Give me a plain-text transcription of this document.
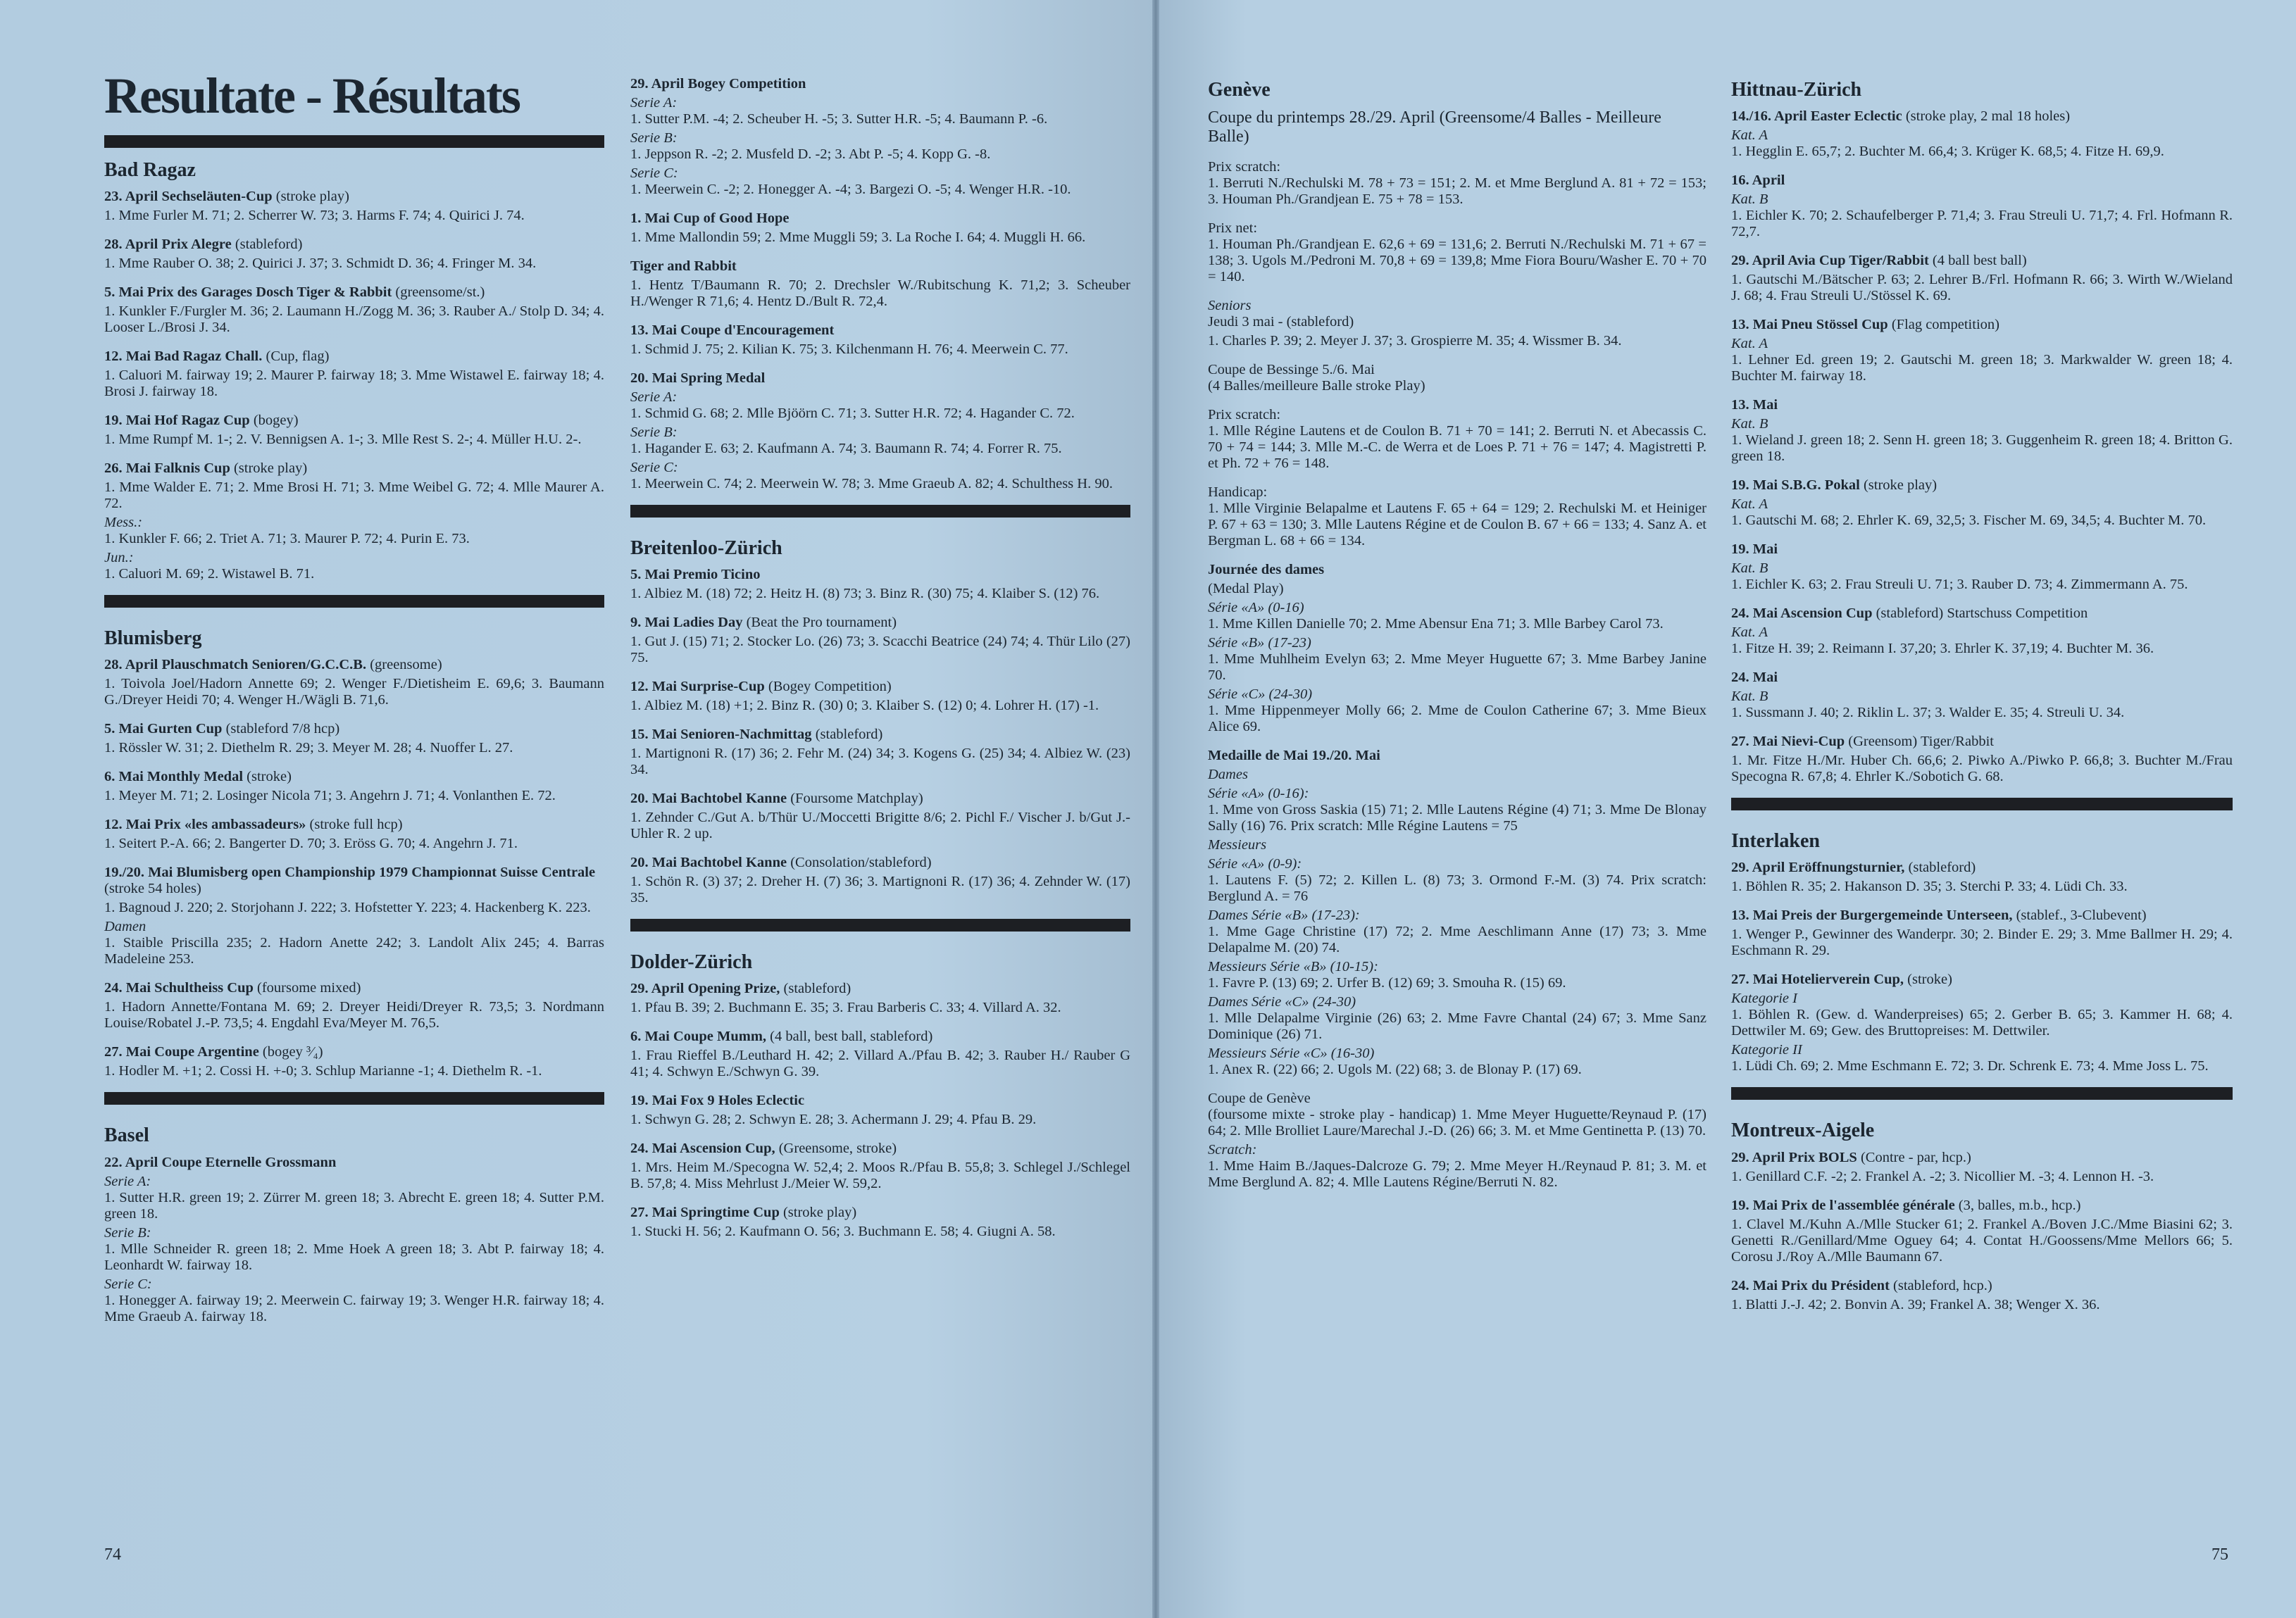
Resultate - Résultats
Bad Ragaz
23. April Sechseläuten-Cup (stroke play)
1. Mme Furler M. 71; 2. Scherrer W. 73; 3. Harms F. 74; 4. Quirici J. 74.
28. April Prix Alegre (stableford)
1. Mme Rauber O. 38; 2. Quirici J. 37; 3. Schmidt D. 36; 4. Fringer M. 34.
5. Mai Prix des Garages Dosch Tiger & Rabbit (greensome/st.)
1. Kunkler F./Furgler M. 36; 2. Laumann H./Zogg M. 36; 3. Rauber A./ Stolp D. 34; 4. Looser L./Brosi J. 34.
12. Mai Bad Ragaz Chall. (Cup, flag)
1. Caluori M. fairway 19; 2. Maurer P. fairway 18; 3. Mme Wistawel E. fairway 18; 4. Brosi J. fairway 18.
19. Mai Hof Ragaz Cup (bogey)
1. Mme Rumpf M. 1-; 2. V. Bennigsen A. 1-; 3. Mlle Rest S. 2-; 4. Müller H.U. 2-.
26. Mai Falknis Cup (stroke play)
1. Mme Walder E. 71; 2. Mme Brosi H. 71; 3. Mme Weibel G. 72; 4. Mlle Maurer A. 72.
Mess.:
1. Kunkler F. 66; 2. Triet A. 71; 3. Maurer P. 72; 4. Purin E. 73.
Jun.:
1. Caluori M. 69; 2. Wistawel B. 71.
Blumisberg
28. April Plauschmatch Senioren/G.C.C.B. (greensome)
1. Toivola Joel/Hadorn Annette 69; 2. Wenger F./Dietisheim E. 69,6; 3. Baumann G./Dreyer Heidi 70; 4. Wenger H./Wägli B. 71,6.
5. Mai Gurten Cup (stableford 7/8 hcp)
1. Rössler W. 31; 2. Diethelm R. 29; 3. Meyer M. 28; 4. Nuoffer L. 27.
6. Mai Monthly Medal (stroke)
1. Meyer M. 71; 2. Losinger Nicola 71; 3. Angehrn J. 71; 4. Vonlanthen E. 72.
12. Mai Prix «les ambassadeurs» (stroke full hcp)
1. Seitert P.-A. 66; 2. Bangerter D. 70; 3. Eröss G. 70; 4. Angehrn J. 71.
19./20. Mai Blumisberg open Championship 1979 Championnat Suisse Centrale (stroke 54 holes)
1. Bagnoud J. 220; 2. Storjohann J. 222; 3. Hofstetter Y. 223; 4. Hackenberg K. 223.
Damen
1. Staible Priscilla 235; 2. Hadorn Anette 242; 3. Landolt Alix 245; 4. Barras Madeleine 253.
24. Mai Schultheiss Cup (foursome mixed)
1. Hadorn Annette/Fontana M. 69; 2. Dreyer Heidi/Dreyer R. 73,5; 3. Nordmann Louise/Robatel J.-P. 73,5; 4. Engdahl Eva/Meyer M. 76,5.
27. Mai Coupe Argentine (bogey ³⁄₄)
1. Hodler M. +1; 2. Cossi H. +-0; 3. Schlup Marianne -1; 4. Diethelm R. -1.
Basel
22. April Coupe Eternelle Grossmann
Serie A:
1. Sutter H.R. green 19; 2. Zürrer M. green 18; 3. Abrecht E. green 18; 4. Sutter P.M. green 18.
Serie B:
1. Mlle Schneider R. green 18; 2. Mme Hoek A green 18; 3. Abt P. fairway 18; 4. Leonhardt W. fairway 18.
Serie C:
1. Honegger A. fairway 19; 2. Meerwein C. fairway 19; 3. Wenger H.R. fairway 18; 4. Mme Graeub A. fairway 18.
29. April Bogey Competition
Serie A:
1. Sutter P.M. -4; 2. Scheuber H. -5; 3. Sutter H.R. -5; 4. Baumann P. -6.
Serie B:
1. Jeppson R. -2; 2. Musfeld D. -2; 3. Abt P. -5; 4. Kopp G. -8.
Serie C:
1. Meerwein C. -2; 2. Honegger A. -4; 3. Bargezi O. -5; 4. Wenger H.R. -10.
1. Mai Cup of Good Hope
1. Mme Mallondin 59; 2. Mme Muggli 59; 3. La Roche I. 64; 4. Muggli H. 66.
Tiger and Rabbit
1. Hentz T/Baumann R. 70; 2. Drechsler W./Rubitschung K. 71,2; 3. Scheuber H./Wenger R 71,6; 4. Hentz D./Bult R. 72,4.
13. Mai Coupe d'Encouragement
1. Schmid J. 75; 2. Kilian K. 75; 3. Kilchenmann H. 76; 4. Meerwein C. 77.
20. Mai Spring Medal
Serie A:
1. Schmid G. 68; 2. Mlle Bjöörn C. 71; 3. Sutter H.R. 72; 4. Hagander C. 72.
Serie B:
1. Hagander E. 63; 2. Kaufmann A. 74; 3. Baumann R. 74; 4. Forrer R. 75.
Serie C:
1. Meerwein C. 74; 2. Meerwein W. 78; 3. Mme Graeub A. 82; 4. Schulthess H. 90.
Breitenloo-Zürich
5. Mai Premio Ticino
1. Albiez M. (18) 72; 2. Heitz H. (8) 73; 3. Binz R. (30) 75; 4. Klaiber S. (12) 76.
9. Mai Ladies Day (Beat the Pro tournament)
1. Gut J. (15) 71; 2. Stocker Lo. (26) 73; 3. Scacchi Beatrice (24) 74; 4. Thür Lilo (27) 75.
12. Mai Surprise-Cup (Bogey Competition)
1. Albiez M. (18) +1; 2. Binz R. (30) 0; 3. Klaiber S. (12) 0; 4. Lohrer H. (17) -1.
15. Mai Senioren-Nachmittag (stableford)
1. Martignoni R. (17) 36; 2. Fehr M. (24) 34; 3. Kogens G. (25) 34; 4. Albiez W. (23) 34.
20. Mai Bachtobel Kanne (Foursome Matchplay)
1. Zehnder C./Gut A. b/Thür U./Moccetti Brigitte 8/6; 2. Pichl F./ Vischer J. b/Gut J.-Uhler R. 2 up.
20. Mai Bachtobel Kanne (Consolation/stableford)
1. Schön R. (3) 37; 2. Dreher H. (7) 36; 3. Martignoni R. (17) 36; 4. Zehnder W. (17) 35.
Dolder-Zürich
29. April Opening Prize, (stableford)
1. Pfau B. 39; 2. Buchmann E. 35; 3. Frau Barberis C. 33; 4. Villard A. 32.
6. Mai Coupe Mumm, (4 ball, best ball, stableford)
1. Frau Rieffel B./Leuthard H. 42; 2. Villard A./Pfau B. 42; 3. Rauber H./ Rauber G 41; 4. Schwyn E./Schwyn G. 39.
19. Mai Fox 9 Holes Eclectic
1. Schwyn G. 28; 2. Schwyn E. 28; 3. Achermann J. 29; 4. Pfau B. 29.
24. Mai Ascension Cup, (Greensome, stroke)
1. Mrs. Heim M./Specogna W. 52,4; 2. Moos R./Pfau B. 55,8; 3. Schlegel J./Schlegel B. 57,8; 4. Miss Mehrlust J./Meier W. 59,2.
27. Mai Springtime Cup (stroke play)
1. Stucki H. 56; 2. Kaufmann O. 56; 3. Buchmann E. 58; 4. Giugni A. 58.
Genève
Coupe du printemps 28./29. April (Greensome/4 Balles - Meilleure Balle)
Prix scratch:
1. Berruti N./Rechulski M. 78 + 73 = 151; 2. M. et Mme Berglund A. 81 + 72 = 153; 3. Houman Ph./Grandjean E. 75 + 78 = 153.
Prix net:
1. Houman Ph./Grandjean E. 62,6 + 69 = 131,6; 2. Berruti N./Rechulski M. 71 + 67 = 138; 3. Ugols M./Pedroni M. 70,8 + 69 = 139,8; Mme Fiora Bouru/Washer E. 70 + 70 = 140.
Seniors
Jeudi 3 mai - (stableford)
1. Charles P. 39; 2. Meyer J. 37; 3. Grospierre M. 35; 4. Wissmer B. 34.
Coupe de Bessinge 5./6. Mai
(4 Balles/meilleure Balle stroke Play)
Prix scratch:
1. Mlle Régine Lautens et de Coulon B. 71 + 70 = 141; 2. Berruti N. et Abecassis C. 70 + 74 = 144; 3. Mlle M.-C. de Werra et de Loes P. 71 + 76 = 147; 4. Magistretti P. et Ph. 72 + 76 = 148.
Handicap:
1. Mlle Virginie Belapalme et Lautens F. 65 + 64 = 129; 2. Rechulski M. et Heiniger P. 67 + 63 = 130; 3. Mlle Lautens Régine et de Coulon B. 67 + 66 = 133; 4. Sanz A. et Bergman L. 68 + 66 = 134.
Journée des dames
(Medal Play)
Série «A» (0-16)
1. Mme Killen Danielle 70; 2. Mme Abensur Ena 71; 3. Mlle Barbey Carol 73.
Série «B» (17-23)
1. Mme Muhlheim Evelyn 63; 2. Mme Meyer Huguette 67; 3. Mme Barbey Janine 70.
Série «C» (24-30)
1. Mme Hippenmeyer Molly 66; 2. Mme de Coulon Catherine 67; 3. Mme Bieux Alice 69.
Medaille de Mai 19./20. Mai
Dames
Série «A» (0-16):
1. Mme von Gross Saskia (15) 71; 2. Mlle Lautens Régine (4) 71; 3. Mme De Blonay Sally (16) 76. Prix scratch: Mlle Régine Lautens = 75
Messieurs
Série «A» (0-9):
1. Lautens F. (5) 72; 2. Killen L. (8) 73; 3. Ormond F.-M. (3) 74. Prix scratch: Berglund A. = 76
Dames Série «B» (17-23):
1. Mme Gage Christine (17) 72; 2. Mme Aeschlimann Anne (17) 73; 3. Mme Delapalme M. (20) 74.
Messieurs Série «B» (10-15):
1. Favre P. (13) 69; 2. Urfer B. (12) 69; 3. Smouha R. (15) 69.
Dames Série «C» (24-30)
1. Mlle Delapalme Virginie (26) 63; 2. Mme Favre Chantal (24) 67; 3. Mme Sanz Dominique (26) 71.
Messieurs Série «C» (16-30)
1. Anex R. (22) 66; 2. Ugols M. (22) 68; 3. de Blonay P. (17) 69.
Coupe de Genève
(foursome mixte - stroke play - handicap) 1. Mme Meyer Huguette/Reynaud P. (17) 64; 2. Mlle Brolliet Laure/Marechal J.-D. (26) 66; 3. M. et Mme Gentinetta P. (13) 70.
Scratch:
1. Mme Haim B./Jaques-Dalcroze G. 79; 2. Mme Meyer H./Reynaud P. 81; 3. M. et Mme Berglund A. 82; 4. Mlle Lautens Régine/Berruti N. 82.
Hittnau-Zürich
14./16. April Easter Eclectic (stroke play, 2 mal 18 holes)
Kat. A
1. Hegglin E. 65,7; 2. Buchter M. 66,4; 3. Krüger K. 68,5; 4. Fitze H. 69,9.
16. April
Kat. B
1. Eichler K. 70; 2. Schaufelberger P. 71,4; 3. Frau Streuli U. 71,7; 4. Frl. Hofmann R. 72,7.
29. April Avia Cup Tiger/Rabbit (4 ball best ball)
1. Gautschi M./Bätscher P. 63; 2. Lehrer B./Frl. Hofmann R. 66; 3. Wirth W./Wieland J. 68; 4. Frau Streuli U./Stössel K. 69.
13. Mai Pneu Stössel Cup (Flag competition)
Kat. A
1. Lehner Ed. green 19; 2. Gautschi M. green 18; 3. Markwalder W. green 18; 4. Buchter M. fairway 18.
13. Mai
Kat. B
1. Wieland J. green 18; 2. Senn H. green 18; 3. Guggenheim R. green 18; 4. Britton G. green 18.
19. Mai S.B.G. Pokal (stroke play)
Kat. A
1. Gautschi M. 68; 2. Ehrler K. 69, 32,5; 3. Fischer M. 69, 34,5; 4. Buchter M. 70.
19. Mai
Kat. B
1. Eichler K. 63; 2. Frau Streuli U. 71; 3. Rauber D. 73; 4. Zimmermann A. 75.
24. Mai Ascension Cup (stableford) Startschuss Competition
Kat. A
1. Fitze H. 39; 2. Reimann I. 37,20; 3. Ehrler K. 37,19; 4. Buchter M. 36.
24. Mai
Kat. B
1. Sussmann J. 40; 2. Riklin L. 37; 3. Walder E. 35; 4. Streuli U. 34.
27. Mai Nievi-Cup (Greensom) Tiger/Rabbit
1. Mr. Fitze H./Mr. Huber Ch. 66,6; 2. Piwko A./Piwko P. 66,8; 3. Buchter M./Frau Specogna R. 67,8; 4. Ehrler K./Sobotich G. 68.
Interlaken
29. April Eröffnungsturnier, (stableford)
1. Böhlen R. 35; 2. Hakanson D. 35; 3. Sterchi P. 33; 4. Lüdi Ch. 33.
13. Mai Preis der Burgergemeinde Unterseen, (stablef., 3-Clubevent)
1. Wenger P., Gewinner des Wanderpr. 30; 2. Binder E. 29; 3. Mme Ballmer H. 29; 4. Eschmann R. 29.
27. Mai Hotelierverein Cup, (stroke)
Kategorie I
1. Böhlen R. (Gew. d. Wanderpreises) 65; 2. Gerber B. 65; 3. Kammer H. 68; 4. Dettwiler M. 69; Gew. des Bruttopreises: M. Dettwiler.
Kategorie II
1. Lüdi Ch. 69; 2. Mme Eschmann E. 72; 3. Dr. Schrenk E. 73; 4. Mme Joss L. 75.
Montreux-Aigele
29. April Prix BOLS (Contre - par, hcp.)
1. Genillard C.F. -2; 2. Frankel A. -2; 3. Nicollier M. -3; 4. Lennon H. -3.
19. Mai Prix de l'assemblée générale (3, balles, m.b., hcp.)
1. Clavel M./Kuhn A./Mlle Stucker 61; 2. Frankel A./Boven J.C./Mme Biasini 62; 3. Genetti R./Genillard/Mme Oguey 64; 4. Contat H./Goossens/Mme Mellors 66; 5. Corosu J./Roy A./Mlle Baumann 67.
24. Mai Prix du Président (stableford, hcp.)
1. Blatti J.-J. 42; 2. Bonvin A. 39; Frankel A. 38; Wenger X. 36.
74	75
